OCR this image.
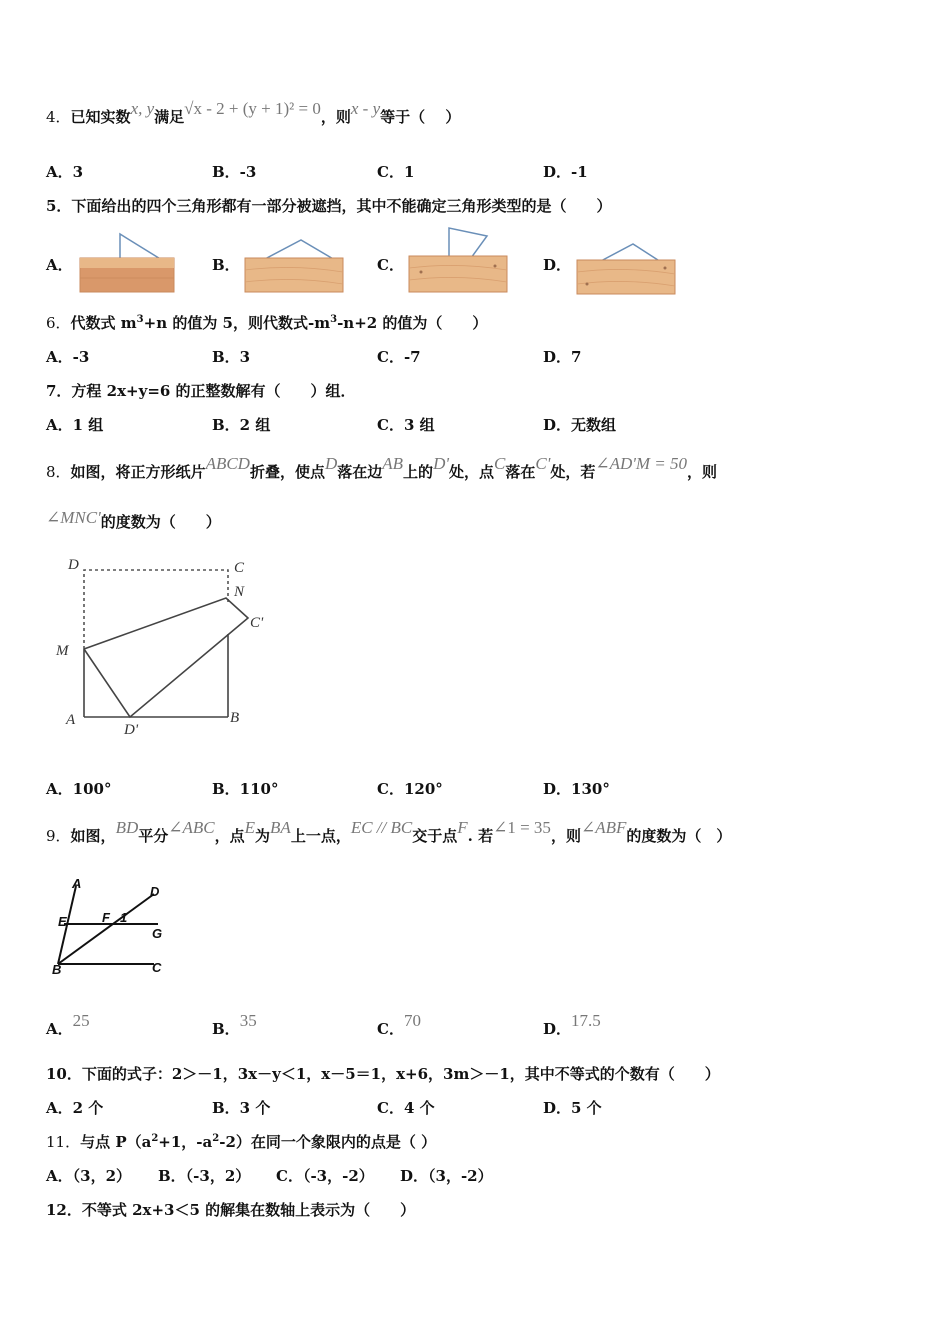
4．已知实数x, y满足√x - 2 + (y + 1)² = 0，则x - y等于（　 ）
A．3	B．-3	C．1	D．-1
5．下面给出的四个三角形都有一部分被遮挡，其中不能确定三角形类型的是（　　）
A．	B．	C．	D．
6．代数式 $m^3+n$ 的值为 5，则代数式$-m^3-n+2$ 的值为（　　）
A．-3	B．3	C．-7	D．7
7．方程 2x+y=6 的正整数解有（　　）组．
A．1 组	B．2 组	C．3 组	D．无数组
8．如图，将正方形纸片ABCD折叠，使点D落在边AB上的D'处，点C落在C'处，若∠AD'M = 50，则
∠MNC'的度数为（　　）
D	C
N
C'
M
A
D'
B
A．100°	B．110°	C．120°	D．130°
9．如图，BD平分∠ABC，点E为BA上一点，EC // BC交于点F. 若∠1 = 35，则∠ABF的度数为（　）
A
D
E	F 1
G
B	C
A．25	B．35	C．70	D．17.5
10．下面的式子：2＞－1，3x－y＜1，x－5＝1，x+6，3m＞－1，其中不等式的个数有（　　）
A．2 个	B．3 个	C．4 个	D．5 个
11．与点 $P(a^2+1$，$-a^2-2$）在同一个象限内的点是（ ）
A．（3，2） B．（-3，2） C．（-3，-2） D．（3，-2）
12．不等式 2x+3＜5 的解集在数轴上表示为（　　）
